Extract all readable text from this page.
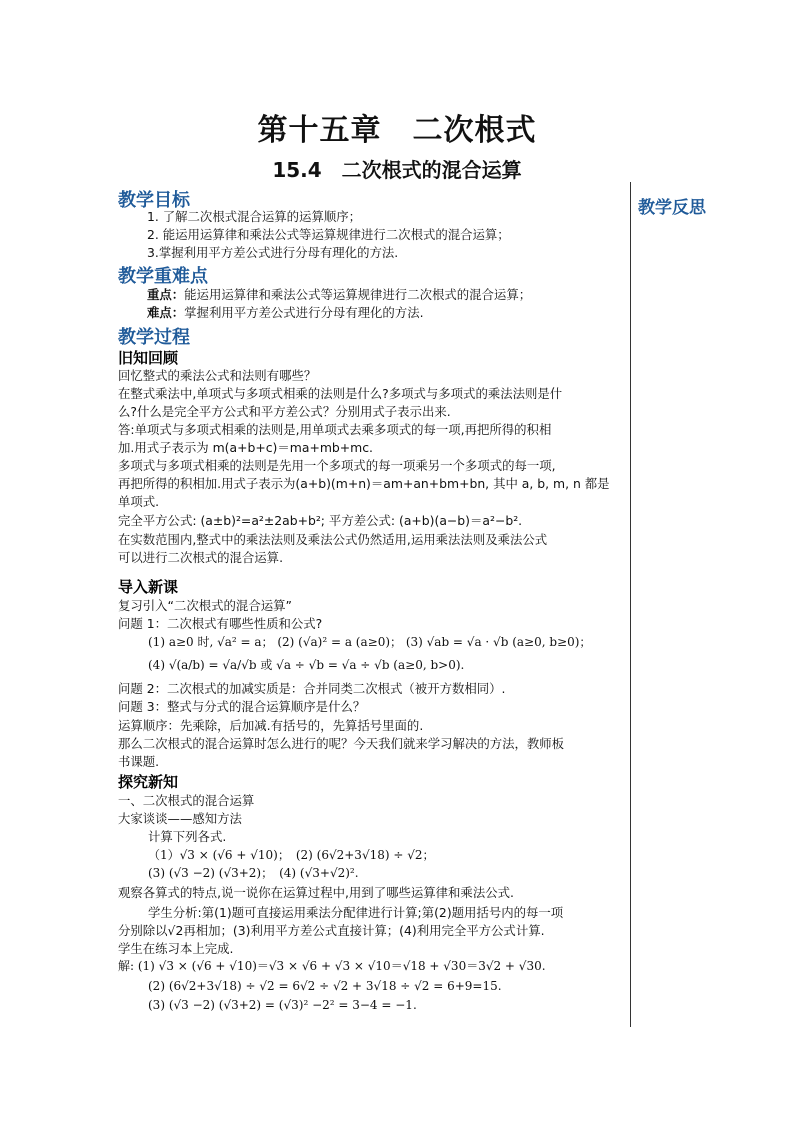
第十五章　二次根式
15.4　二次根式的混合运算
教学反思
教学目标
1. 了解二次根式混合运算的运算顺序；
2. 能运用运算律和乘法公式等运算规律进行二次根式的混合运算；
3.掌握利用平方差公式进行分母有理化的方法.
教学重难点
重点：能运用运算律和乘法公式等运算规律进行二次根式的混合运算；
难点：掌握利用平方差公式进行分母有理化的方法.
教学过程
旧知回顾
回忆整式的乘法公式和法则有哪些？
在整式乘法中,单项式与多项式相乘的法则是什么?多项式与多项式的乘法法则是什
么?什么是完全平方公式和平方差公式？分别用式子表示出来.
答:单项式与多项式相乘的法则是,用单项式去乘多项式的每一项,再把所得的积相
加.用式子表示为 m(a+b+c)＝ma+mb+mc.
多项式与多项式相乘的法则是先用一个多项式的每一项乘另一个多项式的每一项,
再把所得的积相加.用式子表示为(a+b)(m+n)＝am+an+bm+bn, 其中 a, b, m, n 都是
单项式.
完全平方公式: (a±b)²=a²±2ab+b²; 平方差公式: (a+b)(a−b)＝a²−b².
在实数范围内,整式中的乘法法则及乘法公式仍然适用,运用乘法法则及乘法公式
可以进行二次根式的混合运算.
导入新课
复习引入“二次根式的混合运算”
问题 1：二次根式有哪些性质和公式?
(1) a≥0 时, √a² = a； (2) (√a)² = a (a≥0)； (3) √ab = √a · √b (a≥0, b≥0)；
(4) √(a/b) = √a/√b 或 √a ÷ √b = √a ÷ √b (a≥0, b>0).
问题 2：二次根式的加减实质是：合并同类二次根式（被开方数相同）.
问题 3：整式与分式的混合运算顺序是什么？
运算顺序：先乘除，后加减.有括号的，先算括号里面的.
那么二次根式的混合运算时怎么进行的呢？今天我们就来学习解决的方法，教师板
书课题.
探究新知
一、二次根式的混合运算
大家谈谈——感知方法
计算下列各式.
（1）√3 × (√6 + √10)；　(2) (6√2+3√18) ÷ √2；
(3) (√3 −2) (√3+2)；　(4) (√3+√2)².
观察各算式的特点,说一说你在运算过程中,用到了哪些运算律和乘法公式.
学生分析:第(1)题可直接运用乘法分配律进行计算;第(2)题用括号内的每一项
分别除以√2再相加；(3)利用平方差公式直接计算；(4)利用完全平方公式计算.
学生在练习本上完成.
解: (1) √3 × (√6 + √10)＝√3 × √6 + √3 × √10＝√18 + √30＝3√2 + √30.
(2) (6√2+3√18) ÷ √2 = 6√2 ÷ √2 + 3√18 ÷ √2 = 6+9=15.
(3) (√3 −2) (√3+2) = (√3)² −2² = 3−4 = −1.
